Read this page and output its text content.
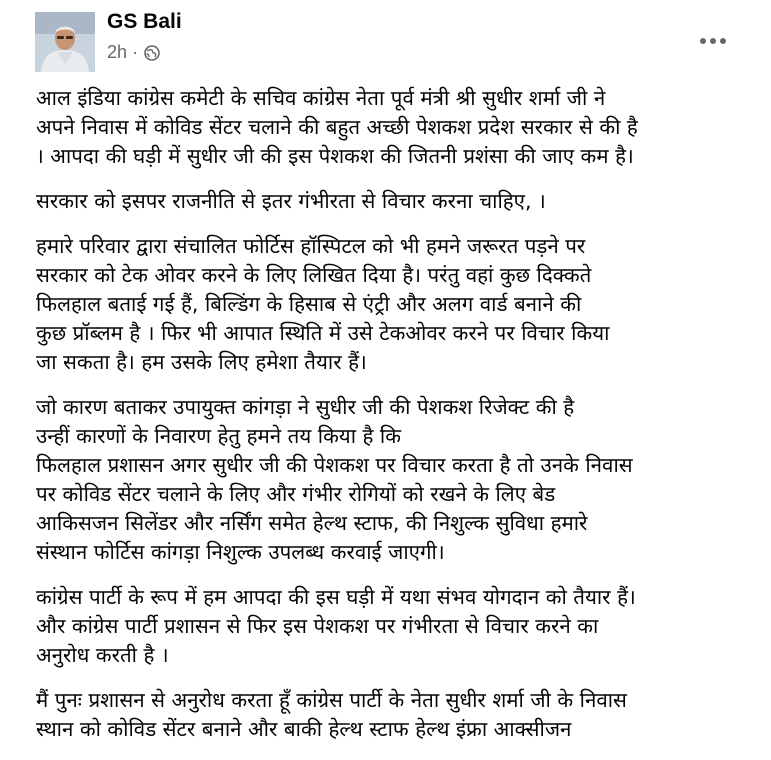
GS Bali
2h ·

आल इंडिया कांग्रेस कमेटी के सचिव कांग्रेस नेता पूर्व मंत्री श्री सुधीर शर्मा जी ने
अपने निवास में कोविड सेंटर चलाने की बहुत अच्छी पेशकश प्रदेश सरकार से की है
। आपदा की घड़ी में सुधीर जी की इस पेशकश की जितनी प्रशंसा की जाए कम है।

सरकार को इसपर राजनीति से इतर गंभीरता से विचार करना चाहिए, ।

हमारे परिवार द्वारा संचालित फोर्टिस हॉस्पिटल को भी हमने जरूरत पड़ने पर
सरकार को टेक ओवर करने के लिए लिखित दिया है। परंतु वहां कुछ दिक्कते
फिलहाल बताई गई हैं, बिल्डिंग के हिसाब से एंट्री और अलग वार्ड बनाने की
कुछ प्रॉब्लम है । फिर भी आपात स्थिति में उसे टेकओवर करने पर विचार किया
जा सकता है। हम उसके लिए हमेशा तैयार हैं।

जो कारण बताकर उपायुक्त कांगड़ा ने सुधीर जी की पेशकश रिजेक्ट की है
उन्हीं कारणों के निवारण हेतु हमने तय किया है कि
फिलहाल प्रशासन अगर सुधीर जी की पेशकश पर विचार करता है तो उनके निवास
पर कोविड सेंटर चलाने के लिए और गंभीर रोगियों को रखने के लिए बेड
आकिसजन सिलेंडर और नर्सिंग समेत हेल्थ स्टाफ, की निशुल्क सुविधा हमारे
संस्थान फोर्टिस कांगड़ा निशुल्क उपलब्ध करवाई जाएगी।

कांग्रेस पार्टी के रूप में हम आपदा की इस घड़ी में यथा संभव योगदान को तैयार हैं।
और कांग्रेस पार्टी प्रशासन से फिर इस पेशकश पर गंभीरता से विचार करने का
अनुरोध करती है ।

मैं पुनः प्रशासन से अनुरोध करता हूँ कांग्रेस पार्टी के नेता सुधीर शर्मा जी के निवास
स्थान को कोविड सेंटर बनाने और बाकी हेल्थ स्टाफ हेल्थ इंफ्रा आक्सीजन
